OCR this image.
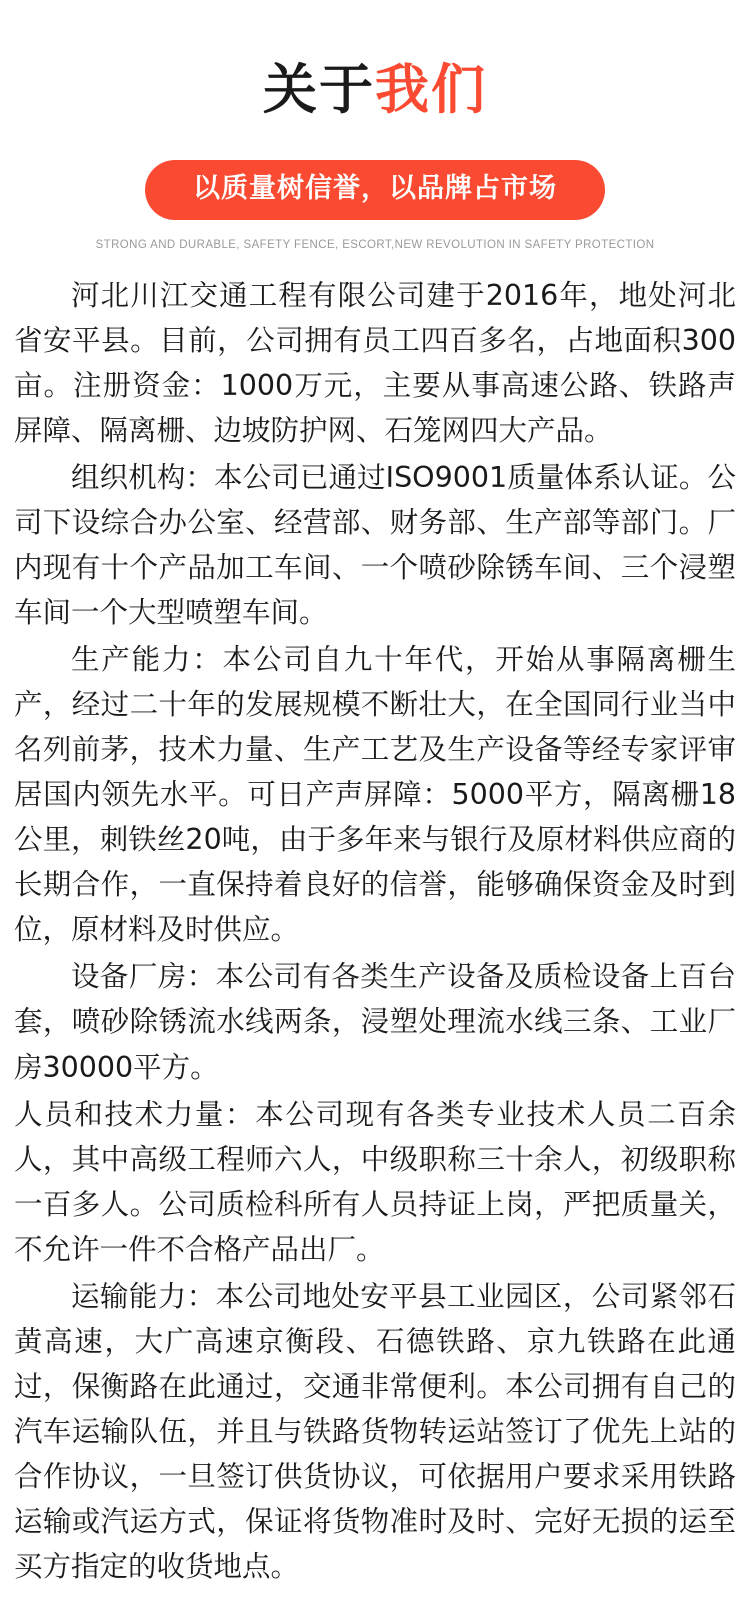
关于我们
以质量树信誉，以品牌占市场
STRONG AND DURABLE, SAFETY FENCE, ESCORT,NEW REVOLUTION IN SAFETY PROTECTION

河北川江交通工程有限公司建于2016年，地处河北省安平县。目前，公司拥有员工四百多名，占地面积300亩。注册资金：1000万元，主要从事高速公路、铁路声屏障、隔离栅、边坡防护网、石笼网四大产品。

组织机构：本公司已通过ISO9001质量体系认证。公司下设综合办公室、经营部、财务部、生产部等部门。厂内现有十个产品加工车间、一个喷砂除锈车间、三个浸塑车间一个大型喷塑车间。

生产能力：本公司自九十年代，开始从事隔离栅生产，经过二十年的发展规模不断壮大，在全国同行业当中名列前茅，技术力量、生产工艺及生产设备等经专家评审居国内领先水平。可日产声屏障：5000平方，隔离栅18公里，刺铁丝20吨，由于多年来与银行及原材料供应商的长期合作，一直保持着良好的信誉，能够确保资金及时到位，原材料及时供应。

设备厂房：本公司有各类生产设备及质检设备上百台套，喷砂除锈流水线两条，浸塑处理流水线三条、工业厂房30000平方。

人员和技术力量：本公司现有各类专业技术人员二百余人，其中高级工程师六人，中级职称三十余人，初级职称一百多人。公司质检科所有人员持证上岗，严把质量关，不允许一件不合格产品出厂。

运输能力：本公司地处安平县工业园区，公司紧邻石黄高速，大广高速京衡段、石德铁路、京九铁路在此通过，保衡路在此通过，交通非常便利。本公司拥有自己的汽车运输队伍，并且与铁路货物转运站签订了优先上站的合作协议，一旦签订供货协议，可依据用户要求采用铁路运输或汽运方式，保证将货物准时及时、完好无损的运至买方指定的收货地点。
